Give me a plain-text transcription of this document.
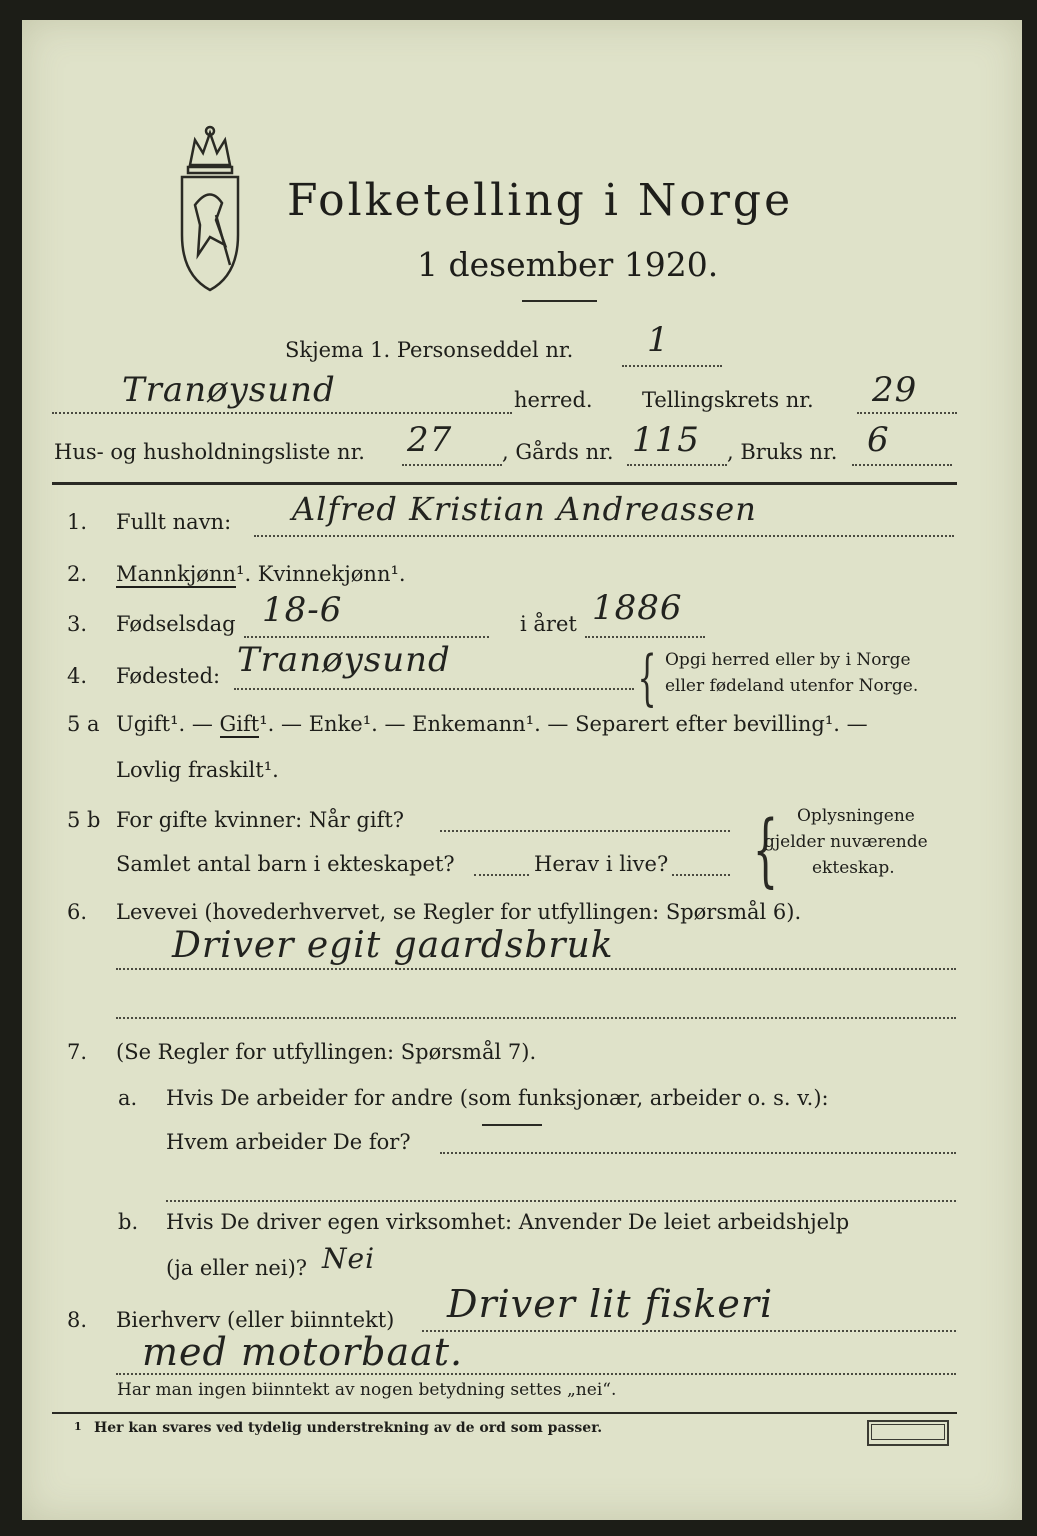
Folketelling i Norge
1 desember 1920.
Skjema 1. Personseddel nr. 1
Tranøysund	herred. Tellingskrets nr. 29
Hus- og husholdningsliste nr. 27 , Gårds nr. 115 , Bruks nr. 6
1. Fullt navn: Alfred Kristian Andreassen
2. Mannkjønn¹. Kvinnekjønn¹.
3. Fødselsdag 18-6	i året 1886
4. Fødested: Tranøysund	{ Opgi herred eller by i Norge
eller fødeland utenfor Norge.
5 a Ugift¹. — Gift¹. — Enke¹. — Enkemann¹. — Separert efter bevilling¹. —
Lovlig fraskilt¹.
5 b For gifte kvinner: Når gift?
Samlet antal barn i ekteskapet?	Herav i live? { Oplysningene
gjelder nuværende
ekteskap.
6. Levevei (hovederhvervet, se Regler for utfyllingen: Spørsmål 6).
Driver egit gaardsbruk
7. (Se Regler for utfyllingen: Spørsmål 7).
a. Hvis De arbeider for andre (som funksjonær, arbeider o. s. v.):
Hvem arbeider De for?
b. Hvis De driver egen virksomhet: Anvender De leiet arbeidshjelp
(ja eller nei)? Nei
8. Bierhverv (eller biinntekt) Driver lit fiskeri
med motorbaat.
Har man ingen biinntekt av nogen betydning settes „nei“.
1 Her kan svares ved tydelig understrekning av de ord som passer.
